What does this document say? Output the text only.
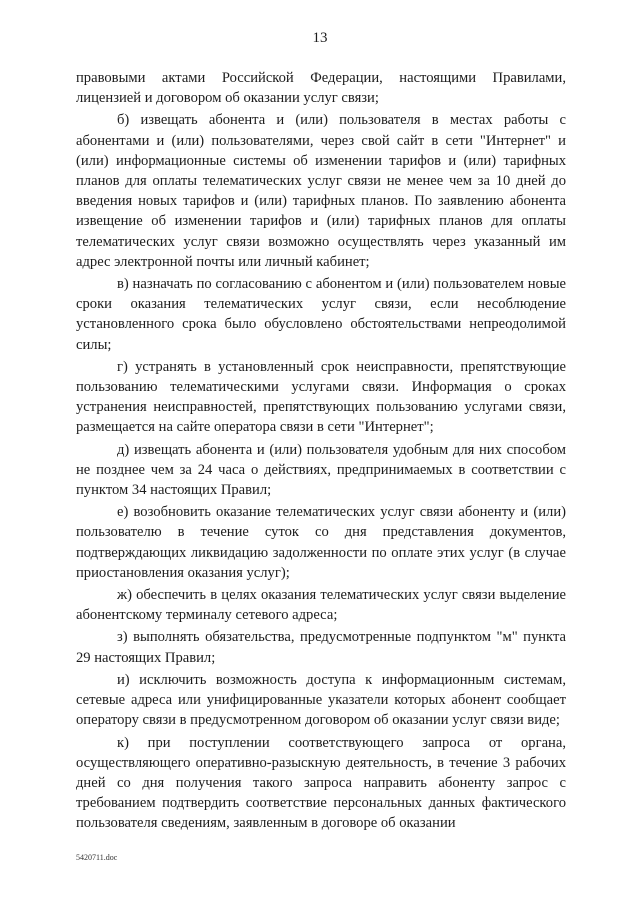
13

правовыми актами Российской Федерации, настоящими Правилами, лицензией и договором об оказании услуг связи;

б) извещать абонента и (или) пользователя в местах работы с абонентами и (или) пользователями, через свой сайт в сети "Интернет" и (или) информационные системы об изменении тарифов и (или) тарифных планов для оплаты телематических услуг связи не менее чем за 10 дней до введения новых тарифов и (или) тарифных планов. По заявлению абонента извещение об изменении тарифов и (или) тарифных планов для оплаты телематических услуг связи возможно осуществлять через указанный им адрес электронной почты или личный кабинет;

в) назначать по согласованию с абонентом и (или) пользователем новые сроки оказания телематических услуг связи, если несоблюдение установленного срока было обусловлено обстоятельствами непреодолимой силы;

г) устранять в установленный срок неисправности, препятствующие пользованию телематическими услугами связи. Информация о сроках устранения неисправностей, препятствующих пользованию услугами связи, размещается на сайте оператора связи в сети "Интернет";

д) извещать абонента и (или) пользователя удобным для них способом не позднее чем за 24 часа о действиях, предпринимаемых в соответствии с пунктом 34 настоящих Правил;

е) возобновить оказание телематических услуг связи абоненту и (или) пользователю в течение суток со дня представления документов, подтверждающих ликвидацию задолженности по оплате этих услуг (в случае приостановления оказания услуг);

ж) обеспечить в целях оказания телематических услуг связи выделение абонентскому терминалу сетевого адреса;

з) выполнять обязательства, предусмотренные подпунктом "м" пункта 29 настоящих Правил;

и) исключить возможность доступа к информационным системам, сетевые адреса или унифицированные указатели которых абонент сообщает оператору связи в предусмотренном договором об оказании услуг связи виде;

к) при поступлении соответствующего запроса от органа, осуществляющего оперативно-разыскную деятельность, в течение 3 рабочих дней со дня получения такого запроса направить абоненту запрос с требованием подтвердить соответствие персональных данных фактического пользователя сведениям, заявленным в договоре об оказании

5420711.doc
